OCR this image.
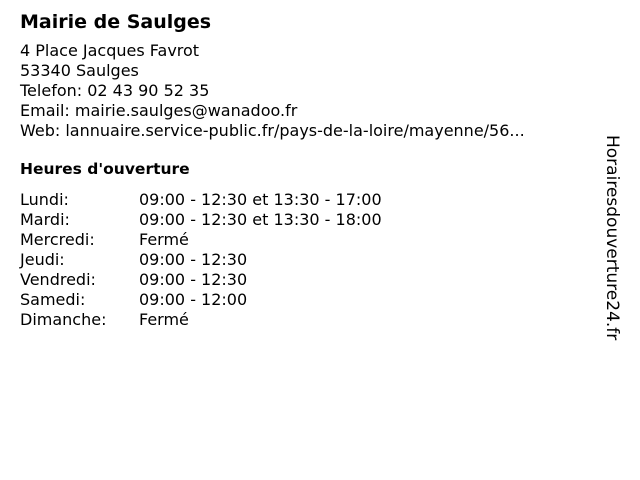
Mairie de Saulges
4 Place Jacques Favrot
53340 Saulges
Telefon: 02 43 90 52 35
Email: mairie.saulges@wanadoo.fr
Web: lannuaire.service-public.fr/pays-de-la-loire/mayenne/56...
Heures d'ouverture
Lundi:	09:00 - 12:30 et 13:30 - 17:00
Mardi:	09:00 - 12:30 et 13:30 - 18:00
Mercredi:	Fermé
Jeudi:	09:00 - 12:30
Vendredi:	09:00 - 12:30
Samedi:	09:00 - 12:00
Dimanche:	Fermé	Horairesdouverture24.fr
